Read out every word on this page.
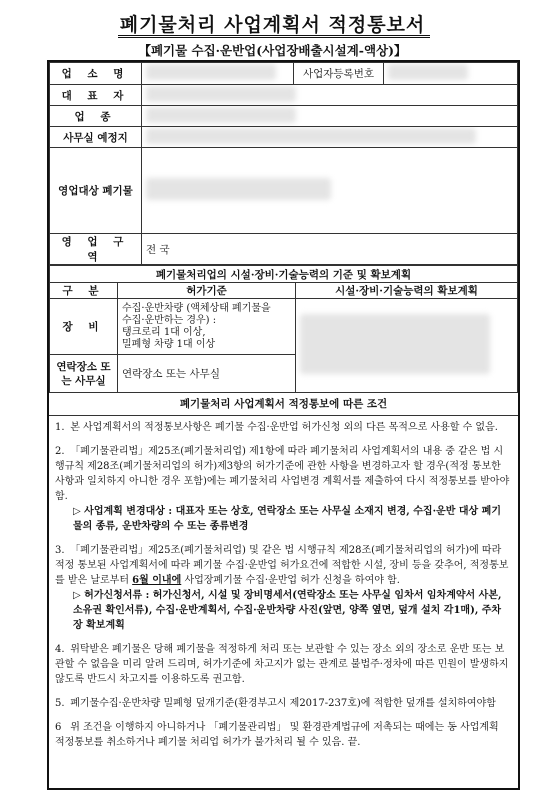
폐기물처리 사업계획서 적정통보서
【폐기물 수집·운반업(사업장배출시설계-액상)】
업 소 명		사업자등록번호	
대 표 자			
업 종			
사무실 예정지			
영업대상 폐기물			
영 업 구 역	전 국		
폐기물처리업의 시설·장비·기술능력의 기준 및 확보계획		
구 분	허가기준	시설·장비·기술능력의 확보계획
장 비	수집·운반차량 (액체상태 폐기물을
수집·운반하는 경우) :
탱크로리 1대 이상,
밀폐형 차량 1대 이상	

연락장소 또는 사무실	연락장소 또는 사무실	
폐기물처리 사업계획서 적정통보에 따른 조건
1. 본 사업계획서의 적정통보사항은 폐기물 수집·운반업 허가신청 외의 다른 목적으로 사용할 수 없음.
2. 「폐기물관리법」제25조(폐기물처리업) 제1항에 따라 폐기물처리 사업계획서의 내용 중 같은 법 시행규칙 제28조(폐기물처리업의 허가)제3항의 허가기준에 관한 사항을 변경하고자 할 경우(적정 통보한 사항과 일치하지 아니한 경우 포함)에는 폐기물처리 사업변경 계획서를 제출하여 다시 적정통보를 받아야 함.
▷ 사업계획 변경대상 : 대표자 또는 상호, 연락장소 또는 사무실 소재지 변경, 수집·운반 대상 폐기물의 종류, 운반차량의 수 또는 종류변경
3. 「폐기물관리법」제25조(폐기물처리업) 및 같은 법 시행규칙 제28조(폐기물처리업의 허가)에 따라 적정 통보된 사업계획서에 따라 폐기물 수집·운반업 허가요건에 적합한 시설, 장비 등을 갖추어, 적정통보를 받은 날로부터 6월 이내에 사업장폐기물 수집·운반업 허가 신청을 하여야 함.
▷ 허가신청서류 : 허가신청서, 시설 및 장비명세서(연락장소 또는 사무실 임차서 임차계약서 사본, 소유권 확인서류), 수집·운반계획서, 수집·운반차량 사진(앞면, 양쪽 옆면, 덮개 설치 각1매), 주차장 확보계획
4. 위탁받은 폐기물은 당해 폐기물을 적정하게 처리 또는 보관할 수 있는 장소 외의 장소로 운반 또는 보관할 수 없음을 미리 알려 드리며, 허가기준에 차고지가 없는 관계로 불법주·정차에 따른 민원이 발생하지 않도록 반드시 차고지를 이용하도록 권고함.
5. 폐기물수집·운반차량 밀폐형 덮개기준(환경부고시 제2017-237호)에 적합한 덮개를 설치하여야함
6 위 조건을 이행하지 아니하거나 「폐기물관리법」 및 환경관계법규에 저촉되는 때에는 동 사업계획 적정통보를 취소하거나 폐기물 처리업 허가가 불가처리 될 수 있음. 끝.
